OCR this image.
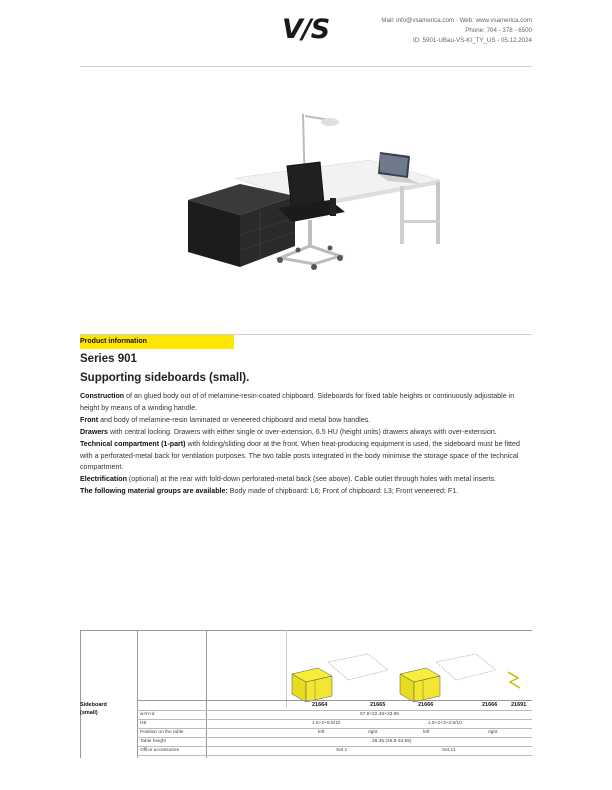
V/S	Mail: info@vsamerica.com · Web: www.vsamerica.com
Phone: 704 - 378 - 6500
ID: 5901-UBau-VS-KI_TY_US - 05.12.2024
Product information
Series 901
Supporting sideboards (small).

Construction of an glued body out of of melamine-resin-coated chipboard. Sideboards for fixed table heights or continuously adjustable in height by means of a winding handle.

Front and body of melamine-resin laminated or veneered chipboard and metal bow handles.

Drawers with central locking. Drawers with either single or over-extension, 6.5 HU (height units) drawers always with over-extension.

Technical compartment (1-part) with folding/sliding door at the front. When heat-producing equipment is used, the sideboard must be fitted with a perforated-metal back for ventilation purposes. The two table posts integrated in the body minimise the storage space of the technical compartment.

Electrification (optional) at the rear with fold-down perforated-metal back (see above). Cable outlet through holes with metal inserts.

The following material groups are available: Body made of chipboard: L6; Front of chipboard: L3; Front veneered: F1.

Sideboard
(small)
21664	21665	21666	21666 21691
w×h×d	57.8×22.45×23.65
HE	1.5+2+6.5/10	1.5+2+3+3.5/10
Position on the table	left	right	left	right
Table height	28.35 (26.8-34.65)
Office accessories	Set 1	Set 11
